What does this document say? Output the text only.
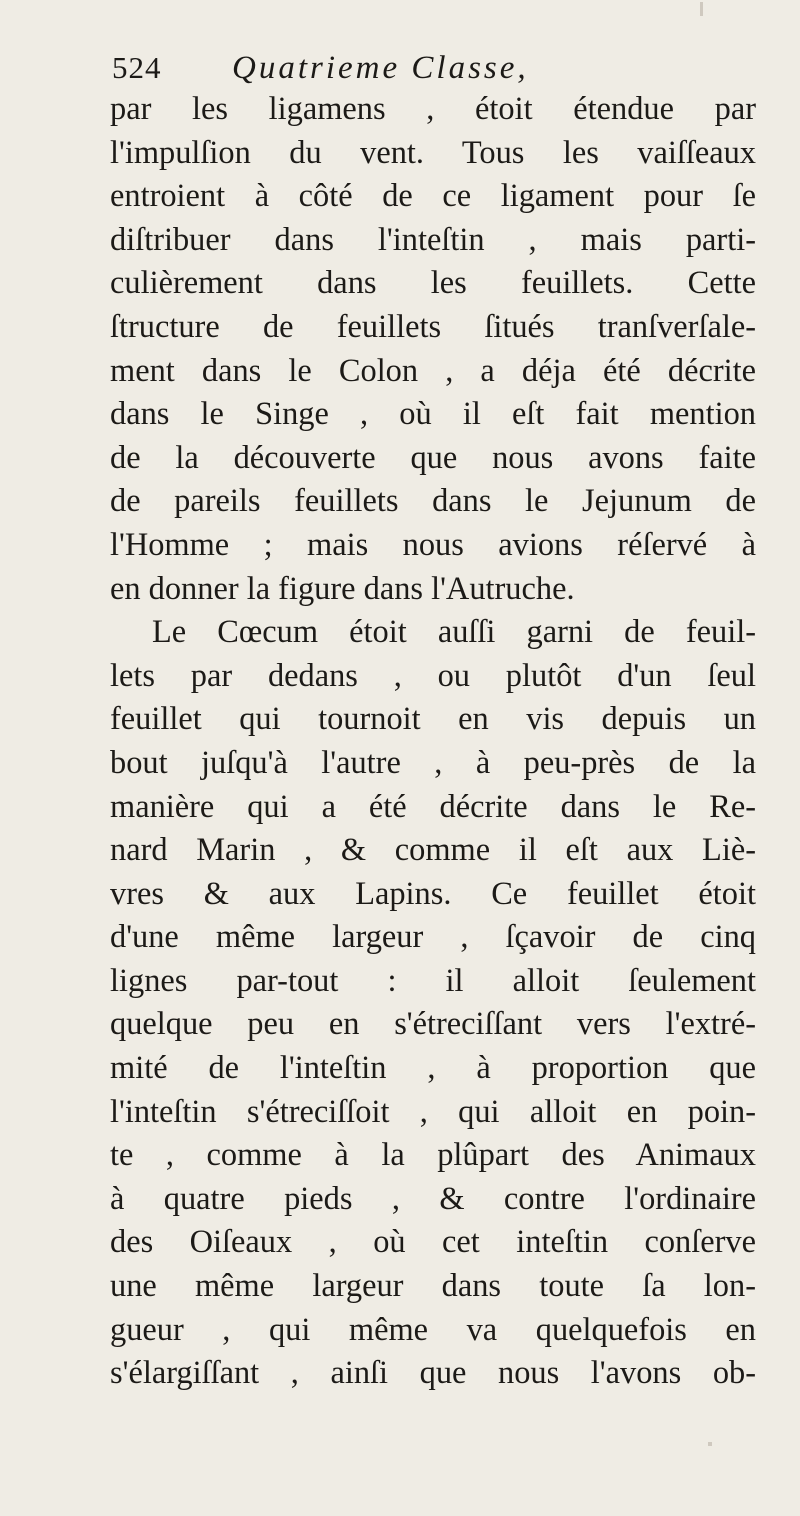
524	Quatrieme Classe,
par les ligamens , étoit étendue par
l'impulſion du vent. Tous les vaiſſeaux
entroient à côté de ce ligament pour ſe
diſtribuer dans l'inteſtin , mais parti-
culièrement dans les feuillets. Cette
ſtructure de feuillets ſitués tranſverſale-
ment dans le Colon , a déja été décrite
dans le Singe , où il eſt fait mention
de la découverte que nous avons faite
de pareils feuillets dans le Jejunum de
l'Homme ; mais nous avions réſervé à
en donner la figure dans l'Autruche.
Le Cœcum étoit auſſi garni de feuil-
lets par dedans , ou plutôt d'un ſeul
feuillet qui tournoit en vis depuis un
bout juſqu'à l'autre , à peu-près de la
manière qui a été décrite dans le Re-
nard Marin , & comme il eſt aux Liè-
vres & aux Lapins. Ce feuillet étoit
d'une même largeur , ſçavoir de cinq
lignes par-tout : il alloit ſeulement
quelque peu en s'étreciſſant vers l'extré-
mité de l'inteſtin , à proportion que
l'inteſtin s'étreciſſoit , qui alloit en poin-
te , comme à la plûpart des Animaux
à quatre pieds , & contre l'ordinaire
des Oiſeaux , où cet inteſtin conſerve
une même largeur dans toute ſa lon-
gueur , qui même va quelquefois en
s'élargiſſant , ainſi que nous l'avons ob-
